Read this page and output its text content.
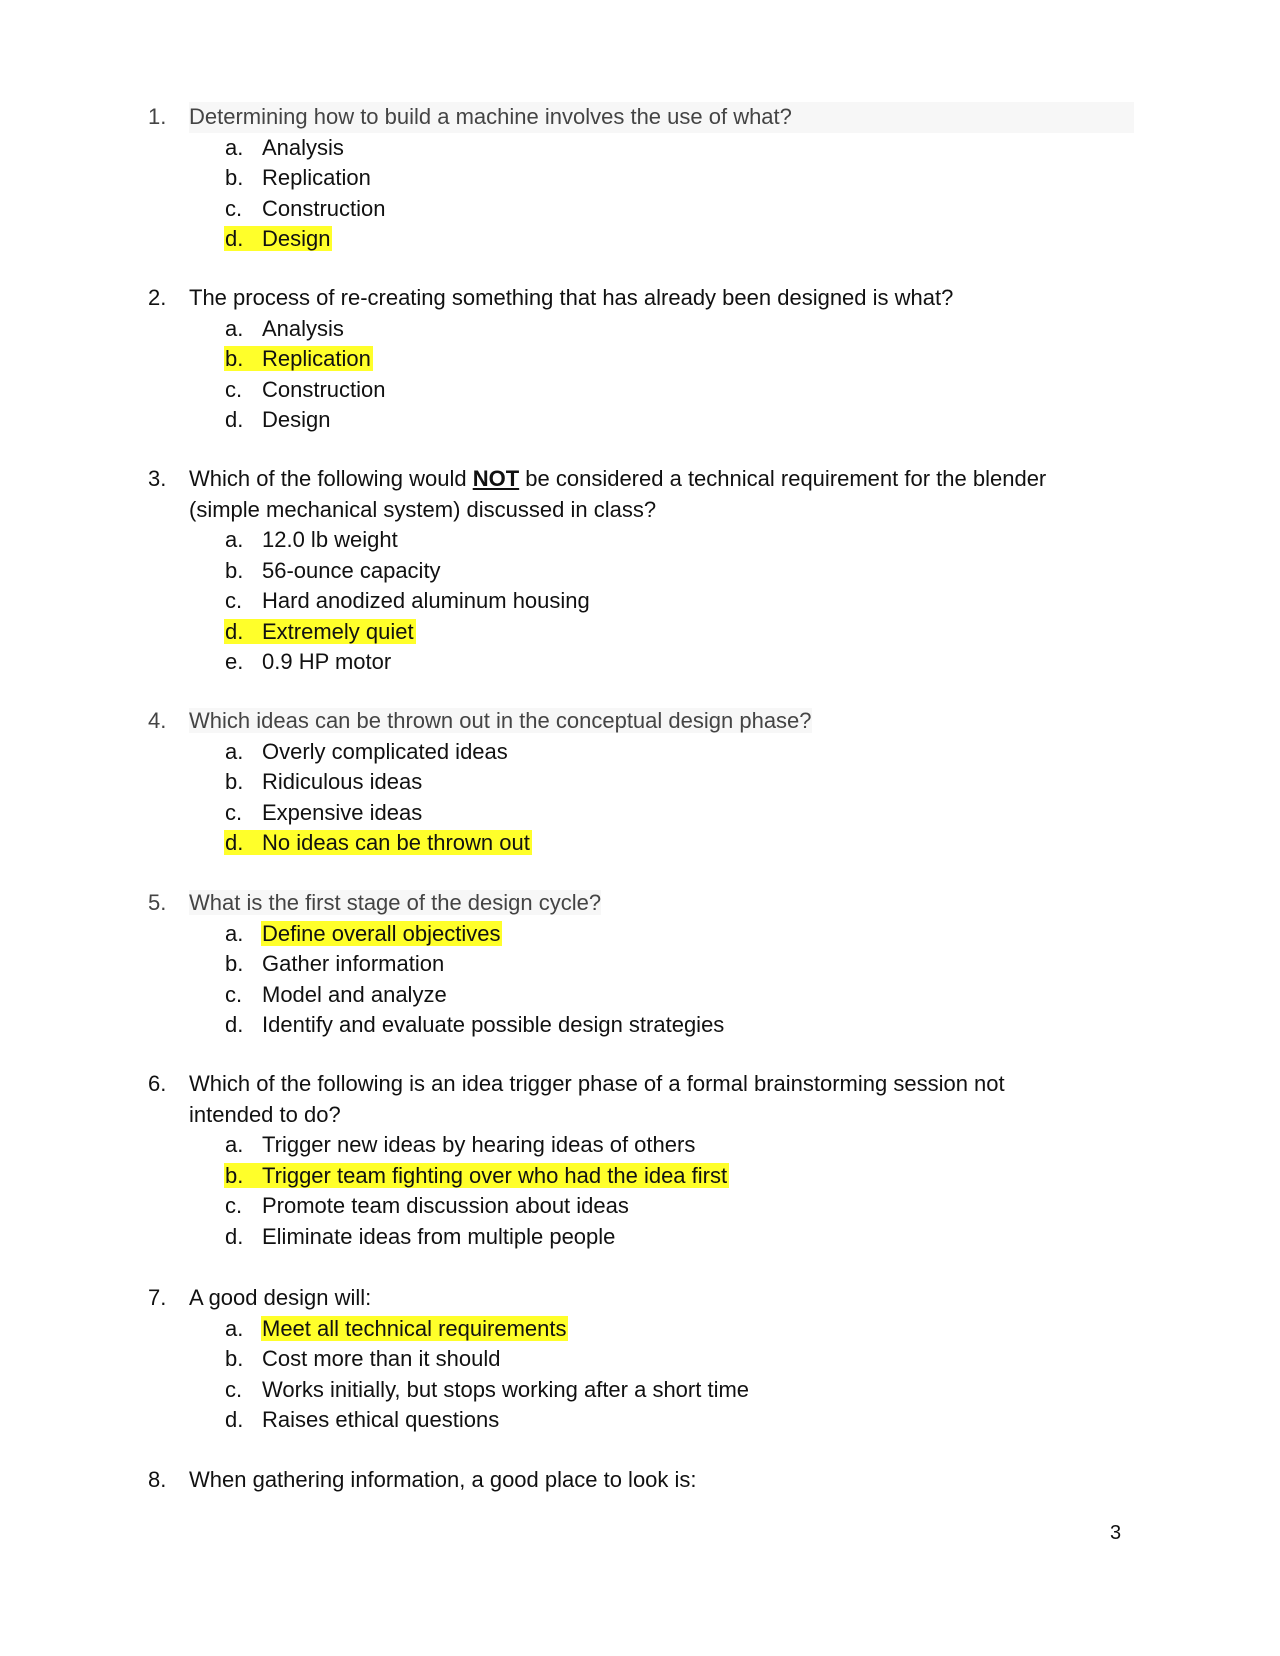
1. Determining how to build a machine involves the use of what?
a. Analysis
b. Replication
c. Construction
d. Design
2. The process of re-creating something that has already been designed is what?
a. Analysis
b. Replication
c. Construction
d. Design
3. Which of the following would NOT be considered a technical requirement for the blender
(simple mechanical system) discussed in class?
a. 12.0 lb weight
b. 56-ounce capacity
c. Hard anodized aluminum housing
d. Extremely quiet
e. 0.9 HP motor
4. Which ideas can be thrown out in the conceptual design phase?
a. Overly complicated ideas
b. Ridiculous ideas
c. Expensive ideas
d. No ideas can be thrown out
5. What is the first stage of the design cycle?
a. Define overall objectives
b. Gather information
c. Model and analyze
d. Identify and evaluate possible design strategies
6. Which of the following is an idea trigger phase of a formal brainstorming session not
intended to do?
a. Trigger new ideas by hearing ideas of others
b. Trigger team fighting over who had the idea first
c. Promote team discussion about ideas
d. Eliminate ideas from multiple people
7. A good design will:
a. Meet all technical requirements
b. Cost more than it should
c. Works initially, but stops working after a short time
d. Raises ethical questions
8. When gathering information, a good place to look is:
3
